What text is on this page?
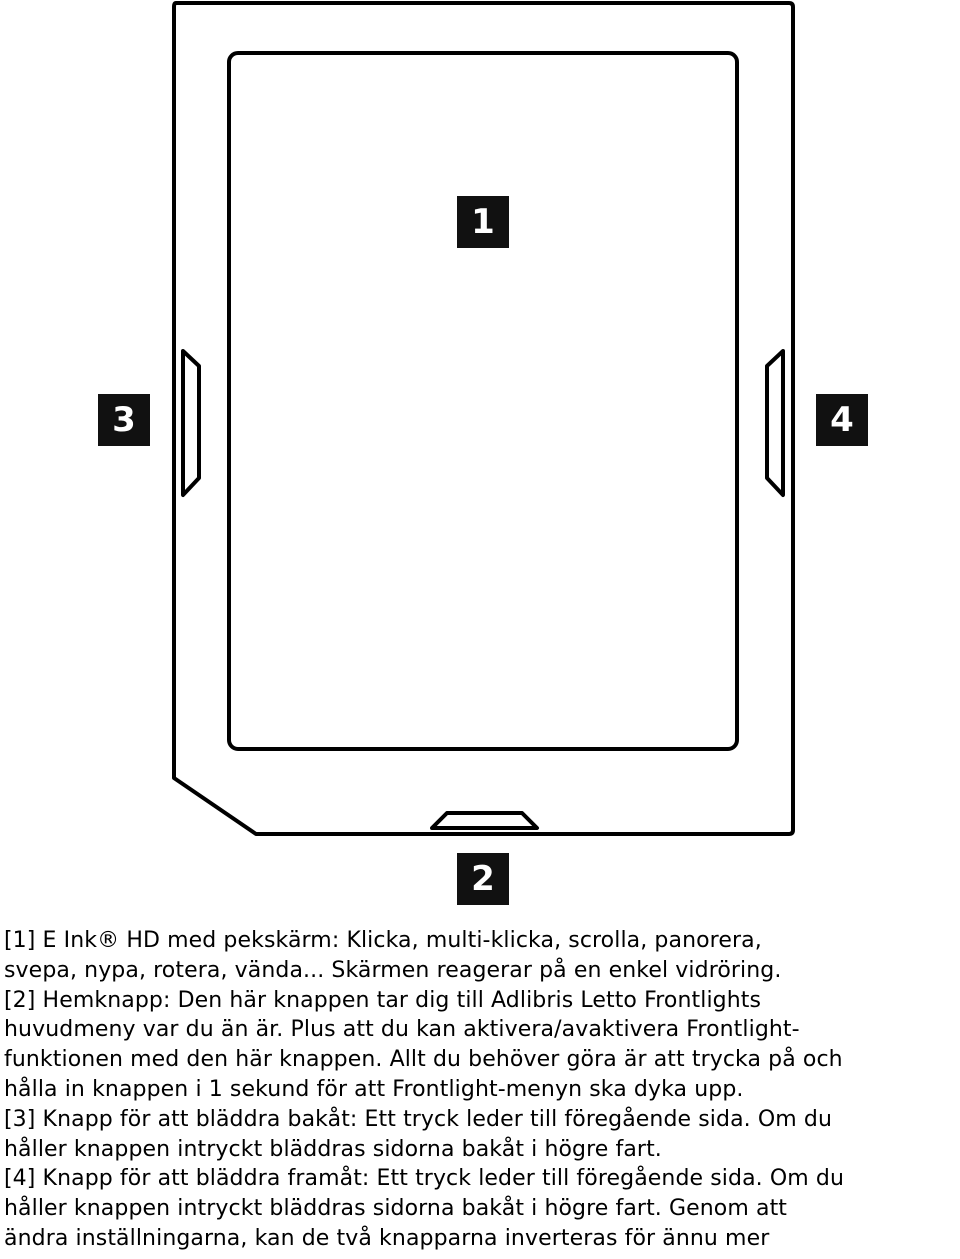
1
3	4
2

[1] E Ink® HD med pekskärm: Klicka, multi-klicka, scrolla, panorera,

svepa, nypa, rotera, vända... Skärmen reagerar på en enkel vidröring.

[2] Hemknapp: Den här knappen tar dig till Adlibris Letto Frontlights

huvudmeny var du än är. Plus att du kan aktivera/avaktivera Frontlight-

funktionen med den här knappen. Allt du behöver göra är att trycka på och

hålla in knappen i 1 sekund för att Frontlight-menyn ska dyka upp.

[3] Knapp för att bläddra bakåt: Ett tryck leder till föregående sida. Om du

håller knappen intryckt bläddras sidorna bakåt i högre fart.

[4] Knapp för att bläddra framåt: Ett tryck leder till föregående sida. Om du

håller knappen intryckt bläddras sidorna bakåt i högre fart. Genom att

ändra inställningarna, kan de två knapparna inverteras för ännu mer
